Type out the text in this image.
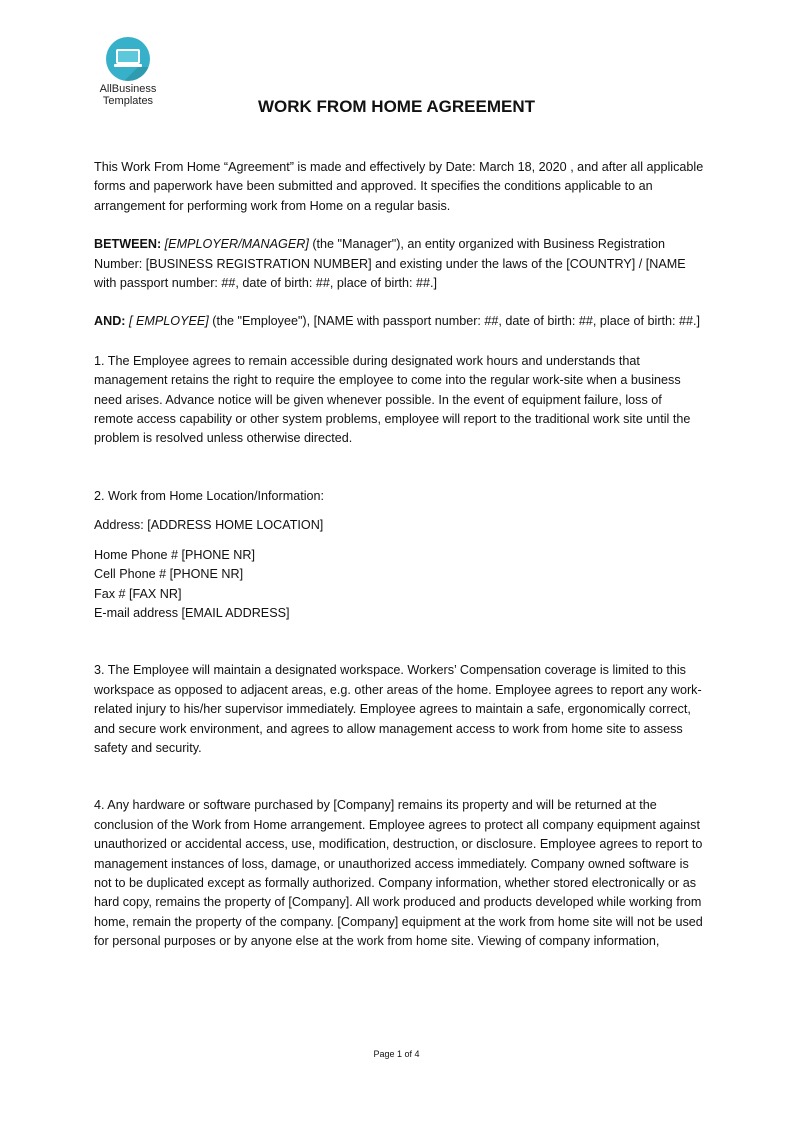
AllBusiness
Templates	WORK FROM HOME AGREEMENT

This Work From Home “Agreement” is made and effectively by Date: March 18, 2020 , and after all applicable forms and paperwork have been submitted and approved. It specifies the conditions applicable to an arrangement for performing work from Home on a regular basis.

BETWEEN: [EMPLOYER/MANAGER] (the "Manager"), an entity organized with Business Registration Number: [BUSINESS REGISTRATION NUMBER] and existing under the laws of the [COUNTRY] / [NAME with passport number: ##, date of birth: ##, place of birth: ##.]

AND: [ EMPLOYEE] (the "Employee"), [NAME with passport number: ##, date of birth: ##, place of birth: ##.]

1. The Employee agrees to remain accessible during designated work hours and understands that management retains the right to require the employee to come into the regular work-site when a business need arises. Advance notice will be given whenever possible. In the event of equipment failure, loss of remote access capability or other system problems, employee will report to the traditional work site until the problem is resolved unless otherwise directed.

2. Work from Home Location/Information:

Address: [ADDRESS HOME LOCATION]

Home Phone # [PHONE NR]

Cell Phone # [PHONE NR]

Fax # [FAX NR]

E-mail address [EMAIL ADDRESS]

3. The Employee will maintain a designated workspace. Workers’ Compensation coverage is limited to this workspace as opposed to adjacent areas, e.g. other areas of the home. Employee agrees to report any work-related injury to his/her supervisor immediately. Employee agrees to maintain a safe, ergonomically correct, and secure work environment, and agrees to allow management access to work from home site to assess safety and security.

4. Any hardware or software purchased by [Company] remains its property and will be returned at the conclusion of the Work from Home arrangement. Employee agrees to protect all company equipment against unauthorized or accidental access, use, modification, destruction, or disclosure. Employee agrees to report to management instances of loss, damage, or unauthorized access immediately. Company owned software is not to be duplicated except as formally authorized. Company information, whether stored electronically or as hard copy, remains the property of [Company]. All work produced and products developed while working from home, remain the property of the company. [Company] equipment at the work from home site will not be used for personal purposes or by anyone else at the work from home site. Viewing of company information,

Page 1 of 4
